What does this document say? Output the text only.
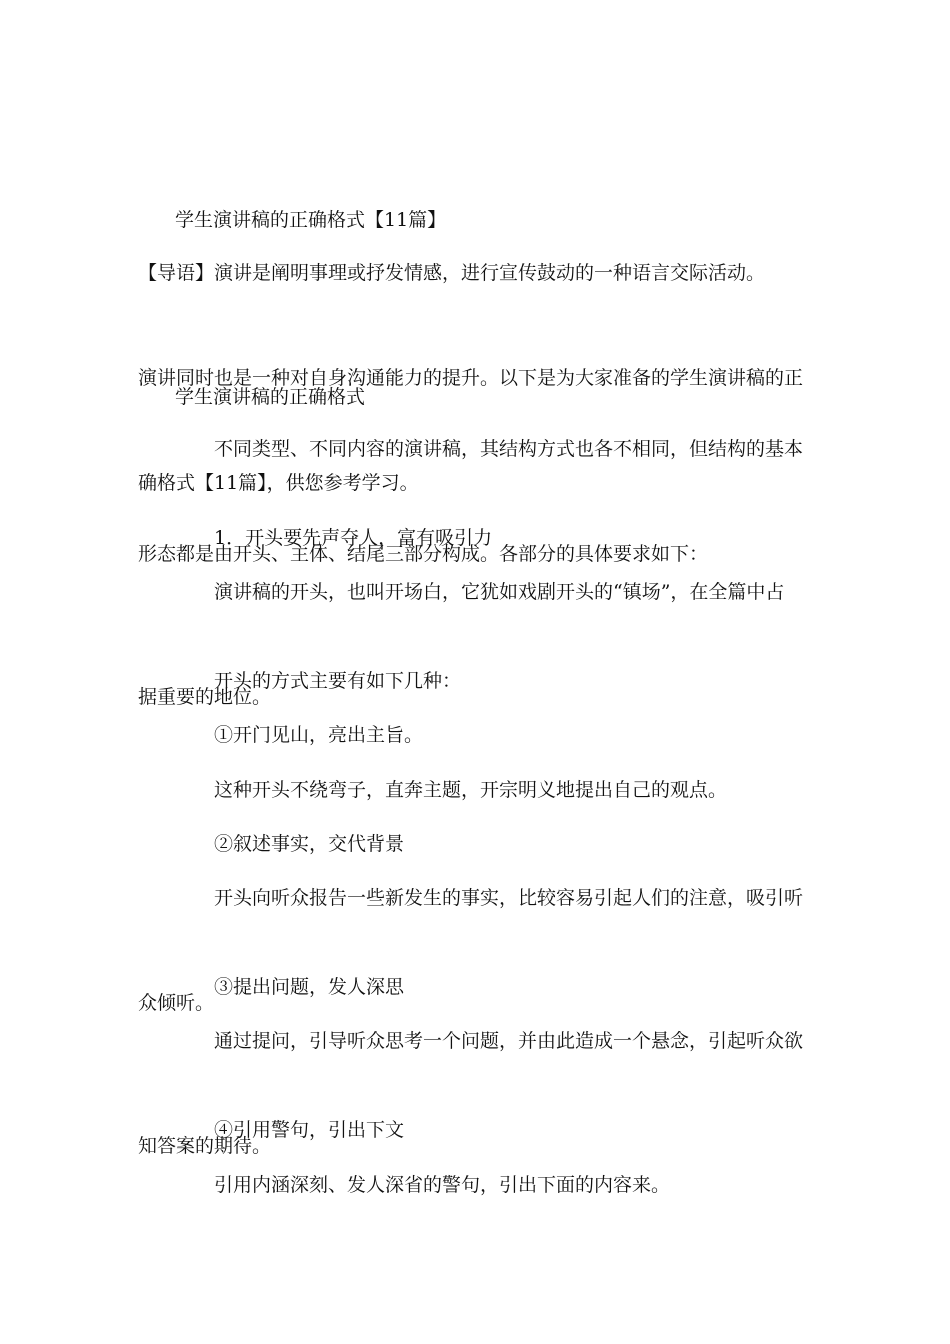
学生演讲稿的正确格式【11篇】

【导语】演讲是阐明事理或抒发情感，进行宣传鼓动的一种语言交际活动。

演讲同时也是一种对自身沟通能力的提升。以下是为大家准备的学生演讲稿的正

确格式【11篇】，供您参考学习。

学生演讲稿的正确格式

不同类型、不同内容的演讲稿，其结构方式也各不相同，但结构的基本

形态都是由开头、主体、结尾三部分构成。各部分的具体要求如下：

1．开头要先声夺人，富有吸引力

演讲稿的开头，也叫开场白，它犹如戏剧开头的“镇场”，在全篇中占

据重要的地位。

开头的方式主要有如下几种：

①开门见山，亮出主旨。

这种开头不绕弯子，直奔主题，开宗明义地提出自己的观点。

②叙述事实，交代背景

开头向听众报告一些新发生的事实，比较容易引起人们的注意，吸引听

众倾听。

③提出问题，发人深思

通过提问，引导听众思考一个问题，并由此造成一个悬念，引起听众欲

知答案的期待。

④引用警句，引出下文

引用内涵深刻、发人深省的警句，引出下面的内容来。
